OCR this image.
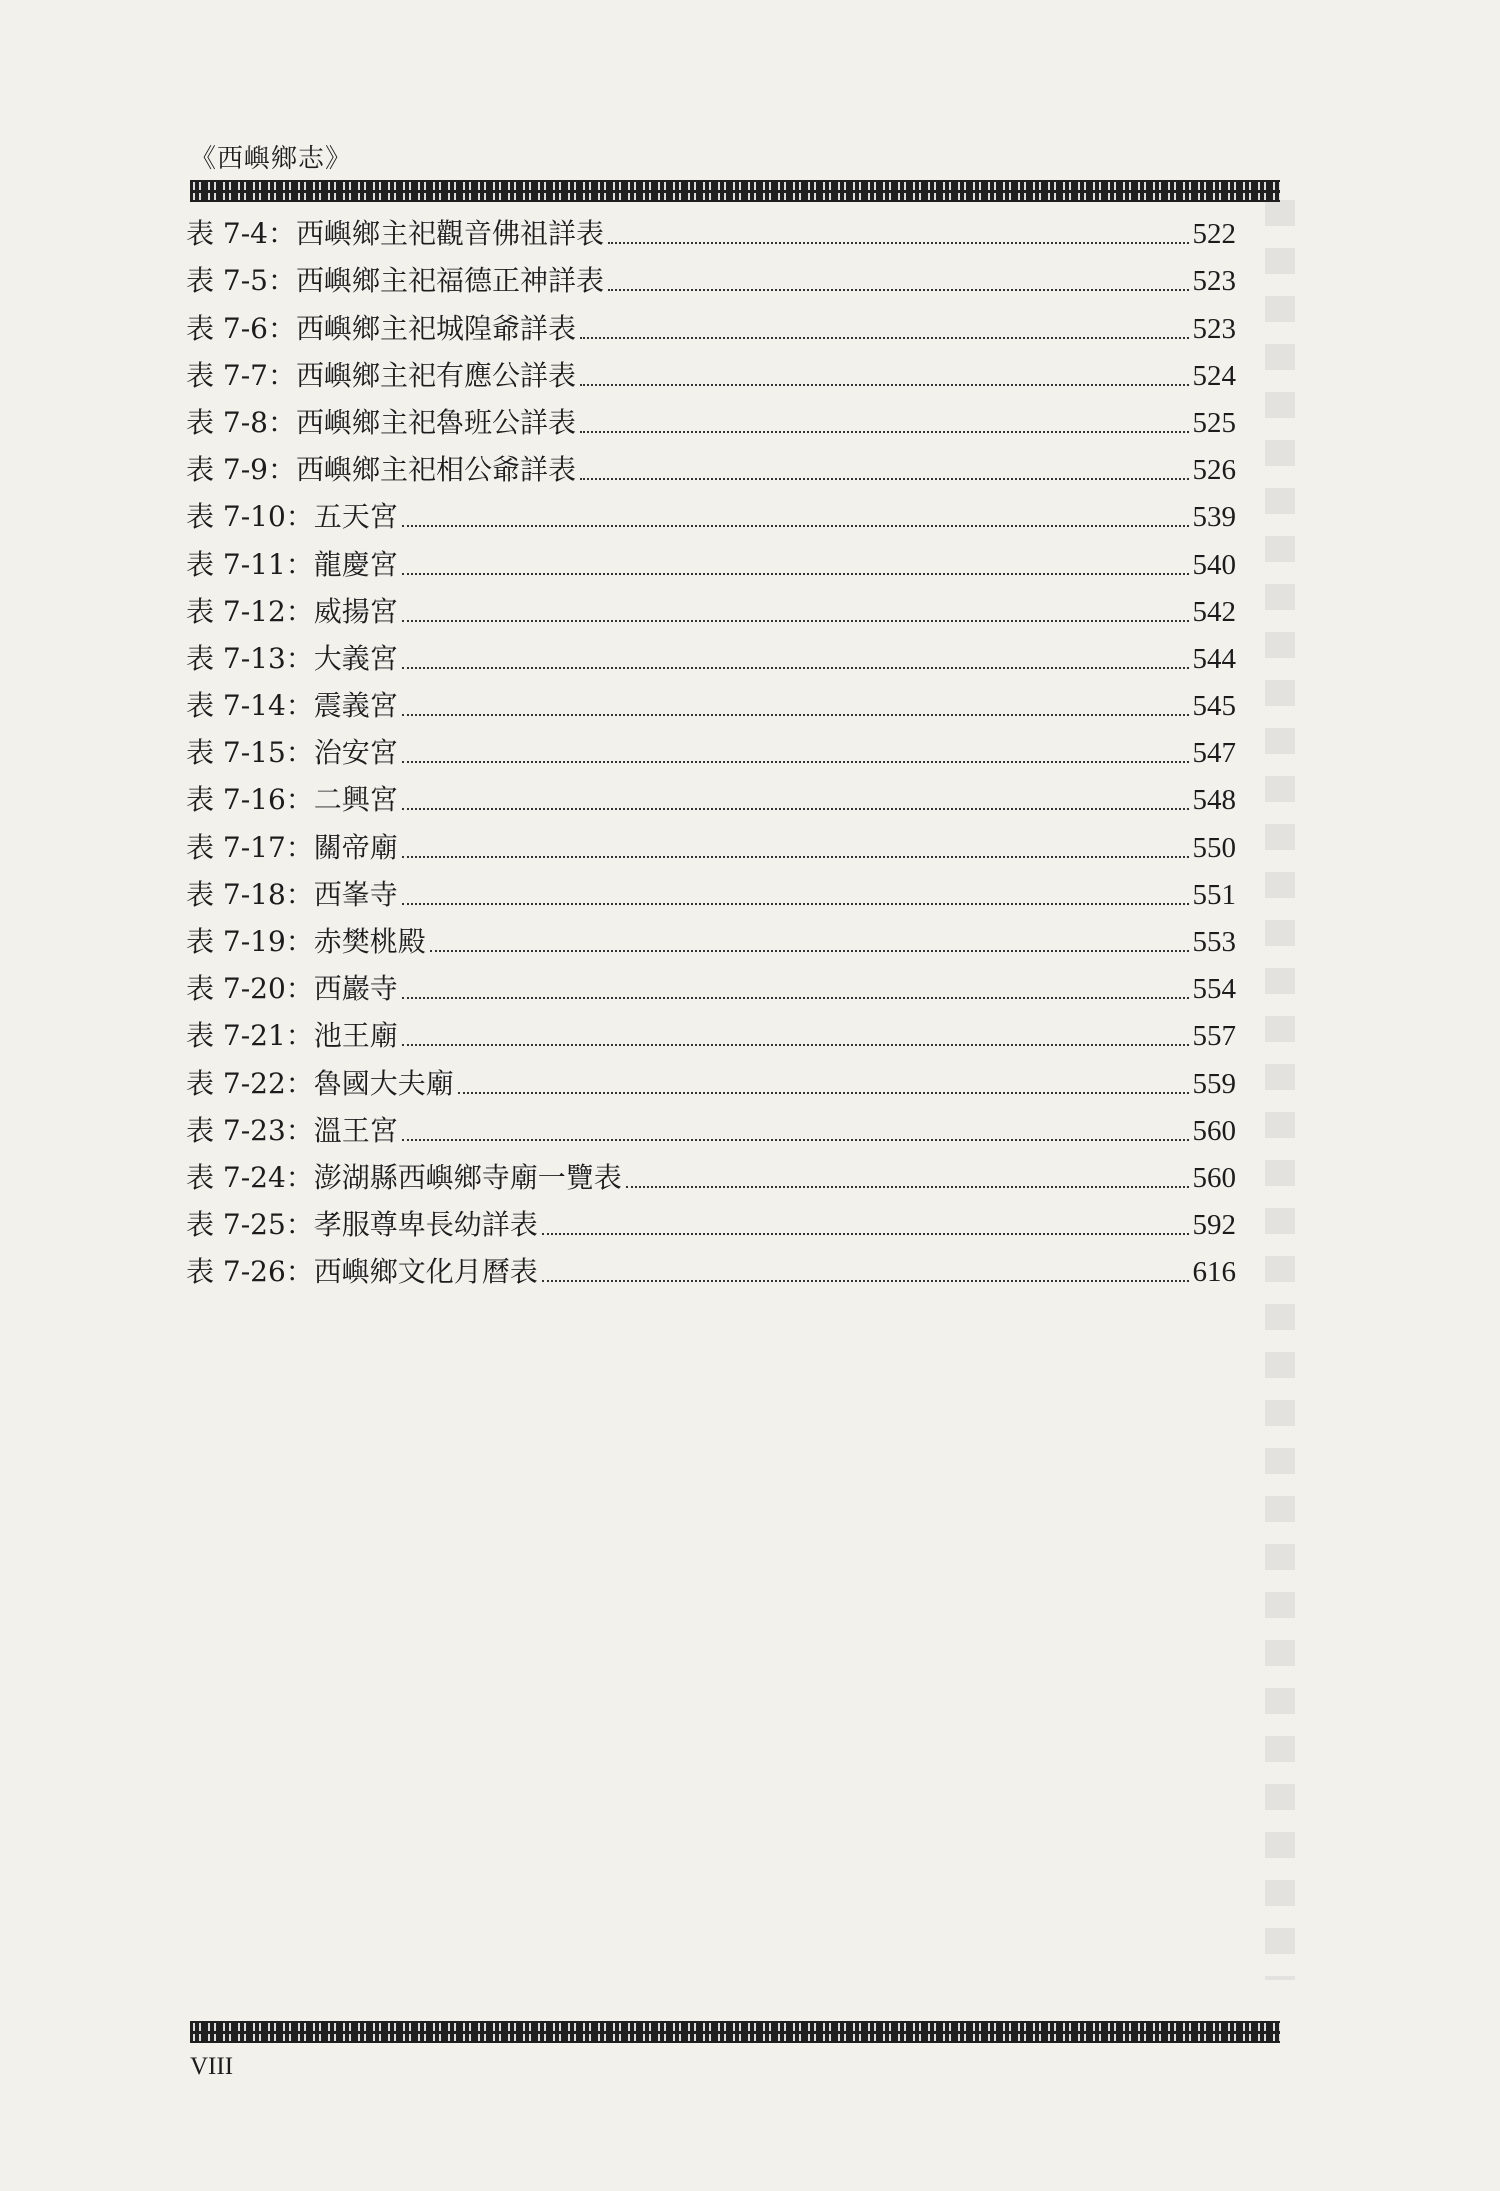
《西嶼鄉志》
表 7-4：西嶼鄉主祀觀音佛祖詳表	522
表 7-5：西嶼鄉主祀福德正神詳表	523
表 7-6：西嶼鄉主祀城隍爺詳表	523
表 7-7：西嶼鄉主祀有應公詳表	524
表 7-8：西嶼鄉主祀魯班公詳表	525
表 7-9：西嶼鄉主祀相公爺詳表	526
表 7-10：五天宮	539
表 7-11：龍慶宮	540
表 7-12：威揚宮	542
表 7-13：大義宮	544
表 7-14：震義宮	545
表 7-15：治安宮	547
表 7-16：二興宮	548
表 7-17：關帝廟	550
表 7-18：西峯寺	551
表 7-19：赤樊桃殿	553
表 7-20：西巖寺	554
表 7-21：池王廟	557
表 7-22：魯國大夫廟	559
表 7-23：溫王宮	560
表 7-24：澎湖縣西嶼鄉寺廟一覽表	560
表 7-25：孝服尊卑長幼詳表	592
表 7-26：西嶼鄉文化月曆表	616
VIII
